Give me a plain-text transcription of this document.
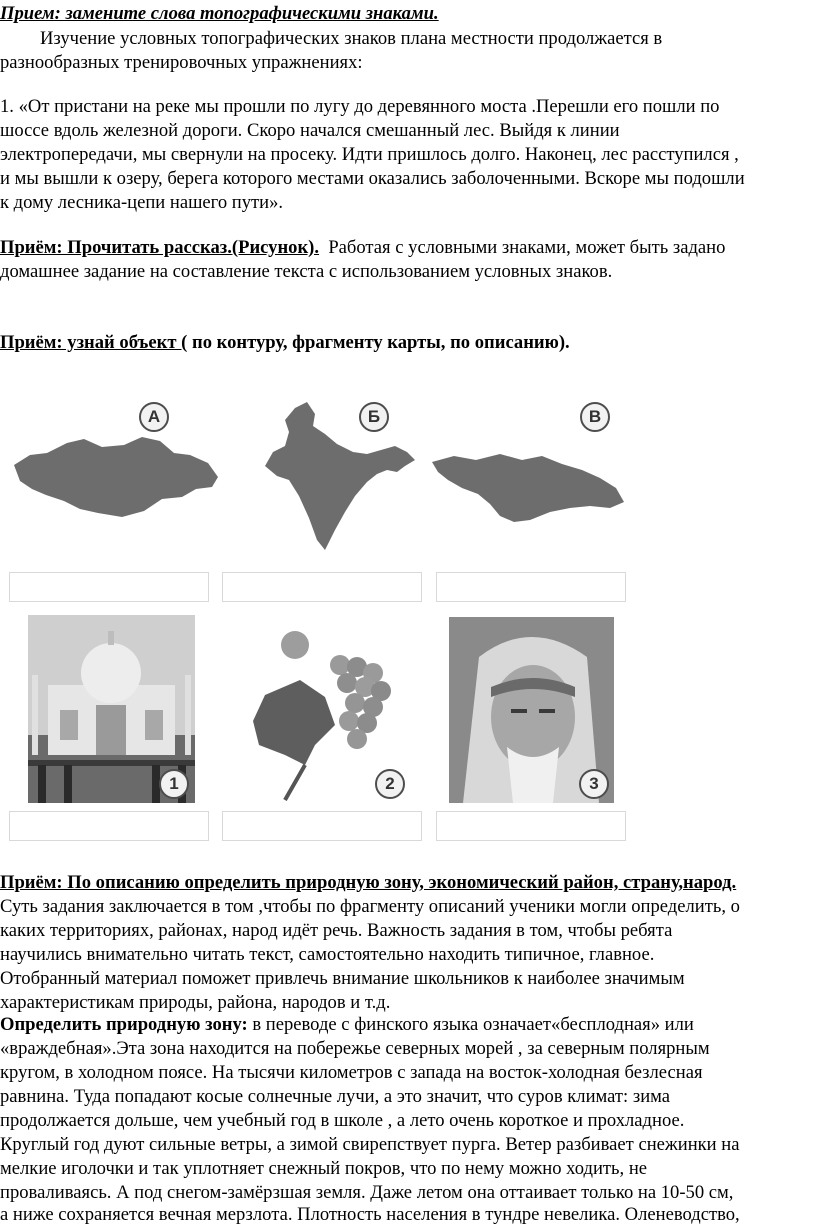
Прием: замените слова топографическими знаками.
Изучение условных топографических знаков плана местности продолжается в
разнообразных тренировочных упражнениях:
1. «От пристани на реке мы прошли по лугу до деревянного моста .Перешли его пошли по
шоссе вдоль железной дороги. Скоро начался смешанный лес. Выйдя к линии
электропередачи, мы свернули на просеку. Идти пришлось долго. Наконец, лес расступился ,
и мы вышли к озеру, берега которого местами оказались заболоченными. Вскоре мы подошли
к дому лесника-цепи нашего пути».
Приём: Прочитать рассказ.(Рисунок). Работая с условными знаками, может быть задано
домашнее задание на составление текста с использованием условных знаков.
Приём: узнай объект ( по контуру, фрагменту карты, по описанию).
А	Б	В
1	2	3
Приём: По описанию определить природную зону, экономический район, страну,народ.
Суть задания заключается в том ,чтобы по фрагменту описаний ученики могли определить, о
каких территориях, районах, народ идёт речь. Важность задания в том, чтобы ребята
научились внимательно читать текст, самостоятельно находить типичное, главное.
Отобранный материал поможет привлечь внимание школьников к наиболее значимым
характеристикам природы, района, народов и т.д.
Определить природную зону: в переводе с финского языка означает«бесплодная» или
«враждебная».Эта зона находится на побережье северных морей , за северным полярным
кругом, в холодном поясе. На тысячи километров с запада на восток-холодная безлесная
равнина. Туда попадают косые солнечные лучи, а это значит, что суров климат: зима
продолжается дольше, чем учебный год в школе , а лето очень короткое и прохладное.
Круглый год дуют сильные ветры, а зимой свирепствует пурга. Ветер разбивает снежинки на
мелкие иголочки и так уплотняет снежный покров, что по нему можно ходить, не
проваливаясь. А под снегом-замёрзшая земля. Даже летом она оттаивает только на 10-50 см,
а ниже сохраняется вечная мерзлота. Плотность населения в тундре невелика. Оленеводство,
